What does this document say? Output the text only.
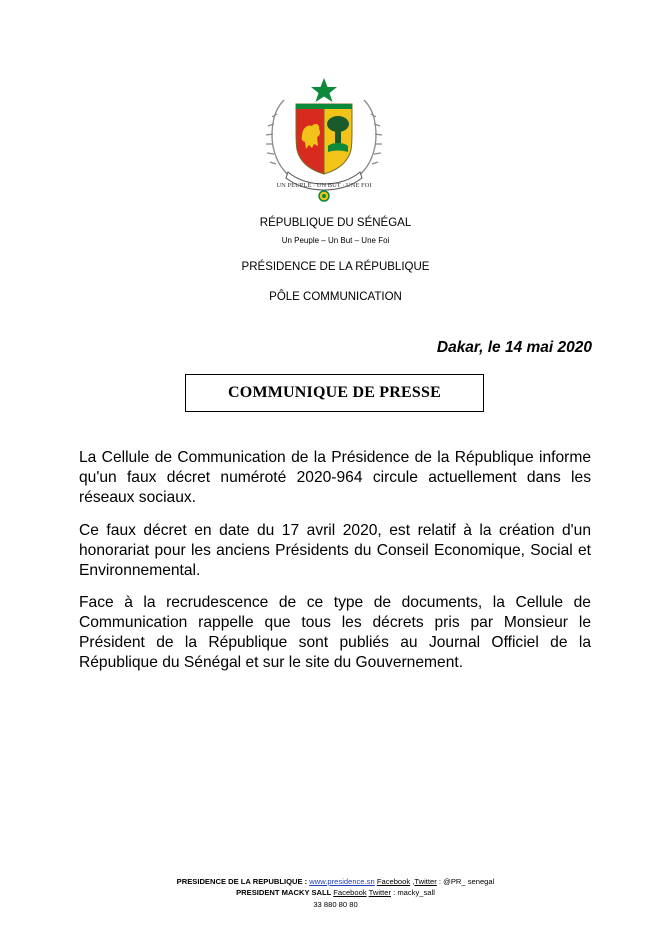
UN PEUPLE · UN BUT · UNE FOI
RÉPUBLIQUE DU SÉNÉGAL
Un Peuple – Un But – Une Foi
PRÉSIDENCE DE LA RÉPUBLIQUE
PÔLE COMMUNICATION
Dakar, le 14 mai 2020
COMMUNIQUE DE PRESSE
La Cellule de Communication de la Présidence de la République informe qu'un faux décret numéroté 2020-964 circule actuellement dans les réseaux sociaux.
Ce faux décret en date du 17 avril 2020, est relatif à la création d'un honorariat pour les anciens Présidents du Conseil Economique, Social et Environnemental.
Face à la recrudescence de ce type de documents, la Cellule de Communication rappelle que tous les décrets pris par Monsieur le Président de la République sont publiés au Journal Officiel de la République du Sénégal et sur le site du Gouvernement.
PRESIDENCE DE LA REPUBLIQUE : www.presidence.sn Facebook ,Twitter : @PR_ senegal
PRESIDENT MACKY SALL Facebook Twitter : macky_sall
33 880 80 80
